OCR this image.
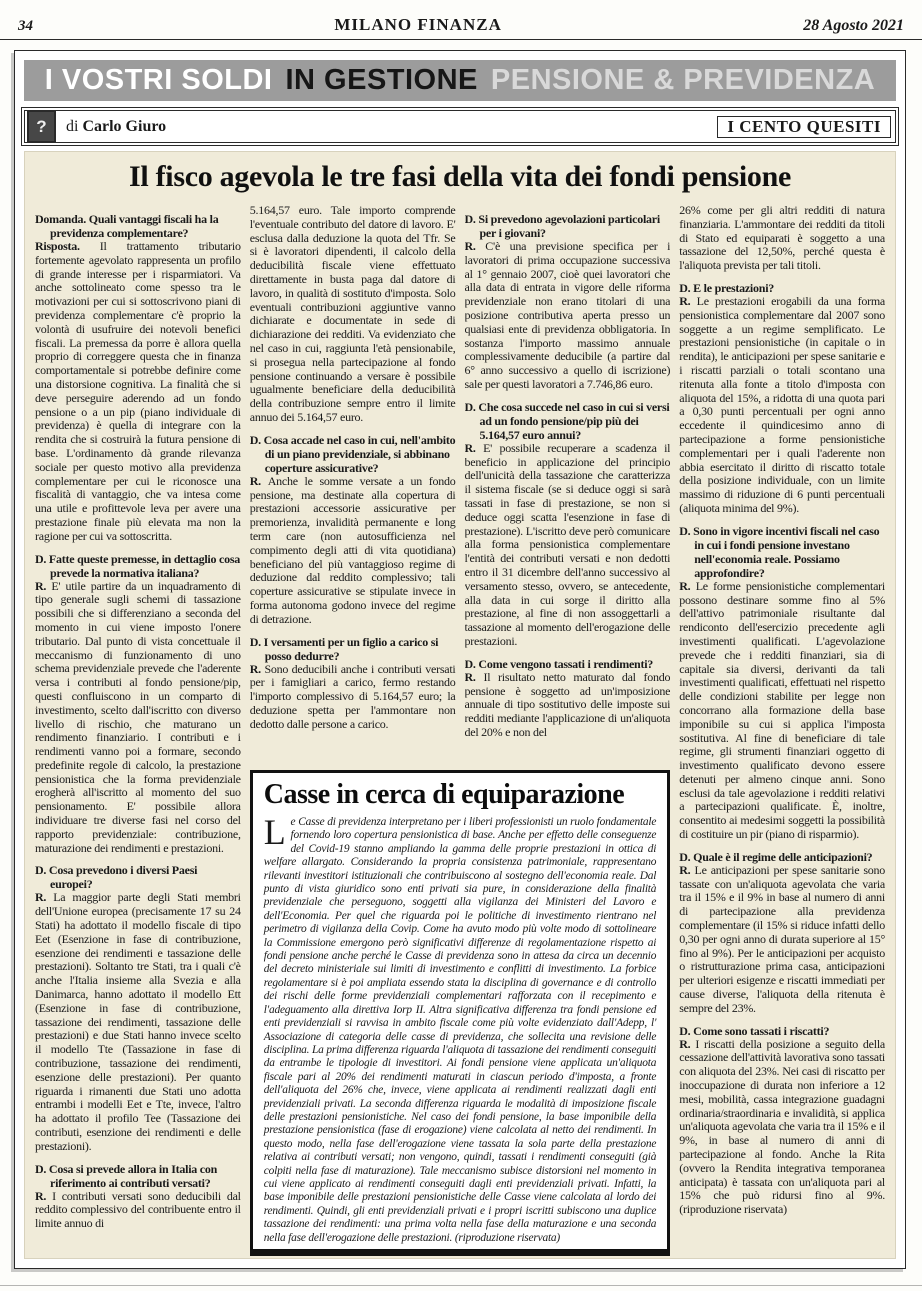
34	MILANO FINANZA	28 Agosto 2021
I VOSTRI SOLDI IN GESTIONE PENSIONE & PREVIDENZA
?	di Carlo Giuro	I CENTO QUESITI
Il fisco agevola le tre fasi della vita dei fondi pensione

Domanda. Quali vantaggi fiscali ha la previdenza complementare?

Risposta. Il trattamento tributario fortemente agevolato rappresenta un profilo di grande interesse per i risparmiatori. Va anche sottolineato come spesso tra le motivazioni per cui si sottoscrivono piani di previdenza complementare c'è proprio la volontà di usufruire dei notevoli benefici fiscali. La premessa da porre è allora quella proprio di correggere questa che in finanza comportamentale si potrebbe definire come una distorsione cognitiva. La finalità che si deve perseguire aderendo ad un fondo pensione o a un pip (piano individuale di previdenza) è quella di integrare con la rendita che si costruirà la futura pensione di base. L'ordinamento dà grande rilevanza sociale per questo motivo alla previdenza complementare per cui le riconosce una fiscalità di vantaggio, che va intesa come una utile e profittevole leva per avere una prestazione finale più elevata ma non la ragione per cui va sottoscritta.

D. Fatte queste premesse, in dettaglio cosa prevede la normativa italiana?

R. E' utile partire da un inquadramento di tipo generale sugli schemi di tassazione possibili che si differenziano a seconda del momento in cui viene imposto l'onere tributario. Dal punto di vista concettuale il meccanismo di funzionamento di uno schema previdenziale prevede che l'aderente versa i contributi al fondo pensione/pip, questi confluiscono in un comparto di investimento, scelto dall'iscritto con diverso livello di rischio, che maturano un rendimento finanziario. I contributi e i rendimenti vanno poi a formare, secondo predefinite regole di calcolo, la prestazione pensionistica che la forma previdenziale erogherà all'iscritto al momento del suo pensionamento. E' possibile allora individuare tre diverse fasi nel corso del rapporto previdenziale: contribuzione, maturazione dei rendimenti e prestazioni.

D. Cosa prevedono i diversi Paesi europei?

R. La maggior parte degli Stati membri dell'Unione europea (precisamente 17 su 24 Stati) ha adottato il modello fiscale di tipo Eet (Esenzione in fase di contribuzione, esenzione dei rendimenti e tassazione delle prestazioni). Soltanto tre Stati, tra i quali c'è anche l'Italia insieme alla Svezia e alla Danimarca, hanno adottato il modello Ett (Esenzione in fase di contribuzione, tassazione dei rendimenti, tassazione delle prestazioni) e due Stati hanno invece scelto il modello Tte (Tassazione in fase di contribuzione, tassazione dei rendimenti, esenzione delle prestazioni). Per quanto riguarda i rimanenti due Stati uno adotta entrambi i modelli Eet e Tte, invece, l'altro ha adottato il profilo Tee (Tassazione dei contributi, esenzione dei rendimenti e delle prestazioni).

D. Cosa si prevede allora in Italia con riferimento ai contributi versati?

R. I contributi versati sono deducibili dal reddito complessivo del contribuente entro il limite annuo di

5.164,57 euro. Tale importo comprende l'eventuale contributo del datore di lavoro. E' esclusa dalla deduzione la quota del Tfr. Se si è lavoratori dipendenti, il calcolo della deducibilità fiscale viene effettuato direttamente in busta paga dal datore di lavoro, in qualità di sostituto d'imposta. Solo eventuali contribuzioni aggiuntive vanno dichiarate e documentate in sede di dichiarazione dei redditi. Va evidenziato che nel caso in cui, raggiunta l'età pensionabile, si prosegua nella partecipazione al fondo pensione continuando a versare è possibile ugualmente beneficiare della deducibilità della contribuzione sempre entro il limite annuo dei 5.164,57 euro.

D. Cosa accade nel caso in cui, nell'ambito di un piano previdenziale, si abbinano coperture assicurative?

R. Anche le somme versate a un fondo pensione, ma destinate alla copertura di prestazioni accessorie assicurative per premorienza, invalidità permanente e long term care (non autosufficienza nel compimento degli atti di vita quotidiana) beneficiano del più vantaggioso regime di deduzione dal reddito complessivo; tali coperture assicurative se stipulate invece in forma autonoma godono invece del regime di detrazione.

D. I versamenti per un figlio a carico si posso dedurre?

R. Sono deducibili anche i contributi versati per i famigliari a carico, fermo restando l'importo complessivo di 5.164,57 euro; la deduzione spetta per l'ammontare non dedotto dalle persone a carico.

D. Si prevedono agevolazioni particolari per i giovani?

R. C'è una previsione specifica per i lavoratori di prima occupazione successiva al 1° gennaio 2007, cioè quei lavoratori che alla data di entrata in vigore delle riforma previdenziale non erano titolari di una posizione contributiva aperta presso un qualsiasi ente di previdenza obbligatoria. In sostanza l'importo massimo annuale complessivamente deducibile (a partire dal 6° anno successivo a quello di iscrizione) sale per questi lavoratori a 7.746,86 euro.

D. Che cosa succede nel caso in cui si versi ad un fondo pensione/pip più dei 5.164,57 euro annui?

R. E' possibile recuperare a scadenza il beneficio in applicazione del principio dell'unicità della tassazione che caratterizza il sistema fiscale (se si deduce oggi si sarà tassati in fase di prestazione, se non si deduce oggi scatta l'esenzione in fase di prestazione). L'iscritto deve però comunicare alla forma pensionistica complementare l'entità dei contributi versati e non dedotti entro il 31 dicembre dell'anno successivo al versamento stesso, ovvero, se antecedente, alla data in cui sorge il diritto alla prestazione, al fine di non assoggettarli a tassazione al momento dell'erogazione delle prestazioni.

D. Come vengono tassati i rendimenti?

R. Il risultato netto maturato dal fondo pensione è soggetto ad un'imposizione annuale di tipo sostitutivo delle imposte sui redditi mediante l'applicazione di un'aliquota del 20% e non del

26% come per gli altri redditi di natura finanziaria. L'ammontare dei redditi da titoli di Stato ed equiparati è soggetto a una tassazione del 12,50%, perché questa è l'aliquota prevista per tali titoli.

D. E le prestazioni?

R. Le prestazioni erogabili da una forma pensionistica complementare dal 2007 sono soggette a un regime semplificato. Le prestazioni pensionistiche (in capitale o in rendita), le anticipazioni per spese sanitarie e i riscatti parziali o totali scontano una ritenuta alla fonte a titolo d'imposta con aliquota del 15%, a ridotta di una quota pari a 0,30 punti percentuali per ogni anno eccedente il quindicesimo anno di partecipazione a forme pensionistiche complementari per i quali l'aderente non abbia esercitato il diritto di riscatto totale della posizione individuale, con un limite massimo di riduzione di 6 punti percentuali (aliquota minima del 9%).

D. Sono in vigore incentivi fiscali nel caso in cui i fondi pensione investano nell'economia reale. Possiamo approfondire?

R. Le forme pensionistiche complementari possono destinare somme fino al 5% dell'attivo patrimoniale risultante dal rendiconto dell'esercizio precedente agli investimenti qualificati. L'agevolazione prevede che i redditi finanziari, sia di capitale sia diversi, derivanti da tali investimenti qualificati, effettuati nel rispetto delle condizioni stabilite per legge non concorrano alla formazione della base imponibile su cui si applica l'imposta sostitutiva. Al fine di beneficiare di tale regime, gli strumenti finanziari oggetto di investimento qualificato devono essere detenuti per almeno cinque anni. Sono esclusi da tale agevolazione i redditi relativi a partecipazioni qualificate. È, inoltre, consentito ai medesimi soggetti la possibilità di costituire un pir (piano di risparmio).

D. Quale è il regime delle anticipazioni?

R. Le anticipazioni per spese sanitarie sono tassate con un'aliquota agevolata che varia tra il 15% e il 9% in base al numero di anni di partecipazione alla previdenza complementare (il 15% si riduce infatti dello 0,30 per ogni anno di durata superiore al 15° fino al 9%). Per le anticipazioni per acquisto o ristrutturazione prima casa, anticipazioni per ulteriori esigenze e riscatti immediati per cause diverse, l'aliquota della ritenuta è sempre del 23%.

D. Come sono tassati i riscatti?

R. I riscatti della posizione a seguito della cessazione dell'attività lavorativa sono tassati con aliquota del 23%. Nei casi di riscatto per inoccupazione di durata non inferiore a 12 mesi, mobilità, cassa integrazione guadagni ordinaria/straordinaria e invalidità, si applica un'aliquota agevolata che varia tra il 15% e il 9%, in base al numero di anni di partecipazione al fondo. Anche la Rita (ovvero la Rendita integrativa temporanea anticipata) è tassata con un'aliquota pari al 15% che può ridursi fino al 9%. (riproduzione riservata)

Casse in cerca di equiparazione

Le Casse di previdenza interpretano per i liberi professionisti un ruolo fondamentale fornendo loro copertura pensionistica di base. Anche per effetto delle conseguenze del Covid-19 stanno ampliando la gamma delle proprie prestazioni in ottica di welfare allargato. Considerando la propria consistenza patrimoniale, rappresentano rilevanti investitori istituzionali che contribuiscono al sostegno dell'economia reale. Dal punto di vista giuridico sono enti privati sia pure, in considerazione della finalità previdenziale che perseguono, soggetti alla vigilanza dei Ministeri del Lavoro e dell'Economia. Per quel che riguarda poi le politiche di investimento rientrano nel perimetro di vigilanza della Covip. Come ha avuto modo più volte modo di sottolineare la Commissione emergono però significativi differenze di regolamentazione rispetto ai fondi pensione anche perché le Casse di previdenza sono in attesa da circa un decennio del decreto ministeriale sui limiti di investimento e conflitti di investimento. La forbice regolamentare si è poi ampliata essendo stata la disciplina di governance e di controllo dei rischi delle forme previdenziali complementari rafforzata con il recepimento e l'adeguamento alla direttiva Iorp II. Altra significativa differenza tra fondi pensione ed enti previdenziali si ravvisa in ambito fiscale come più volte evidenziato dall'Adepp, l' Associazione di categoria delle casse di previdenza, che sollecita una revisione delle disciplina. La prima differenza riguarda l'aliquota di tassazione dei rendimenti conseguiti da entrambe le tipologie di investitori. Ai fondi pensione viene applicata un'aliquota fiscale pari al 20% dei rendimenti maturati in ciascun periodo d'imposta, a fronte dell'aliquota del 26% che, invece, viene applicata ai rendimenti realizzati dagli enti previdenziali privati. La seconda differenza riguarda le modalità di imposizione fiscale delle prestazioni pensionistiche. Nel caso dei fondi pensione, la base imponibile della prestazione pensionistica (fase di erogazione) viene calcolata al netto dei rendimenti. In questo modo, nella fase dell'erogazione viene tassata la sola parte della prestazione relativa ai contributi versati; non vengono, quindi, tassati i rendimenti conseguiti (già colpiti nella fase di maturazione). Tale meccanismo subisce distorsioni nel momento in cui viene applicato ai rendimenti conseguiti dagli enti previdenziali privati. Infatti, la base imponibile delle prestazioni pensionistiche delle Casse viene calcolata al lordo dei rendimenti. Quindi, gli enti previdenziali privati e i propri iscritti subiscono una duplice tassazione dei rendimenti: una prima volta nella fase della maturazione e una seconda nella fase dell'erogazione delle prestazioni. (riproduzione riservata)
